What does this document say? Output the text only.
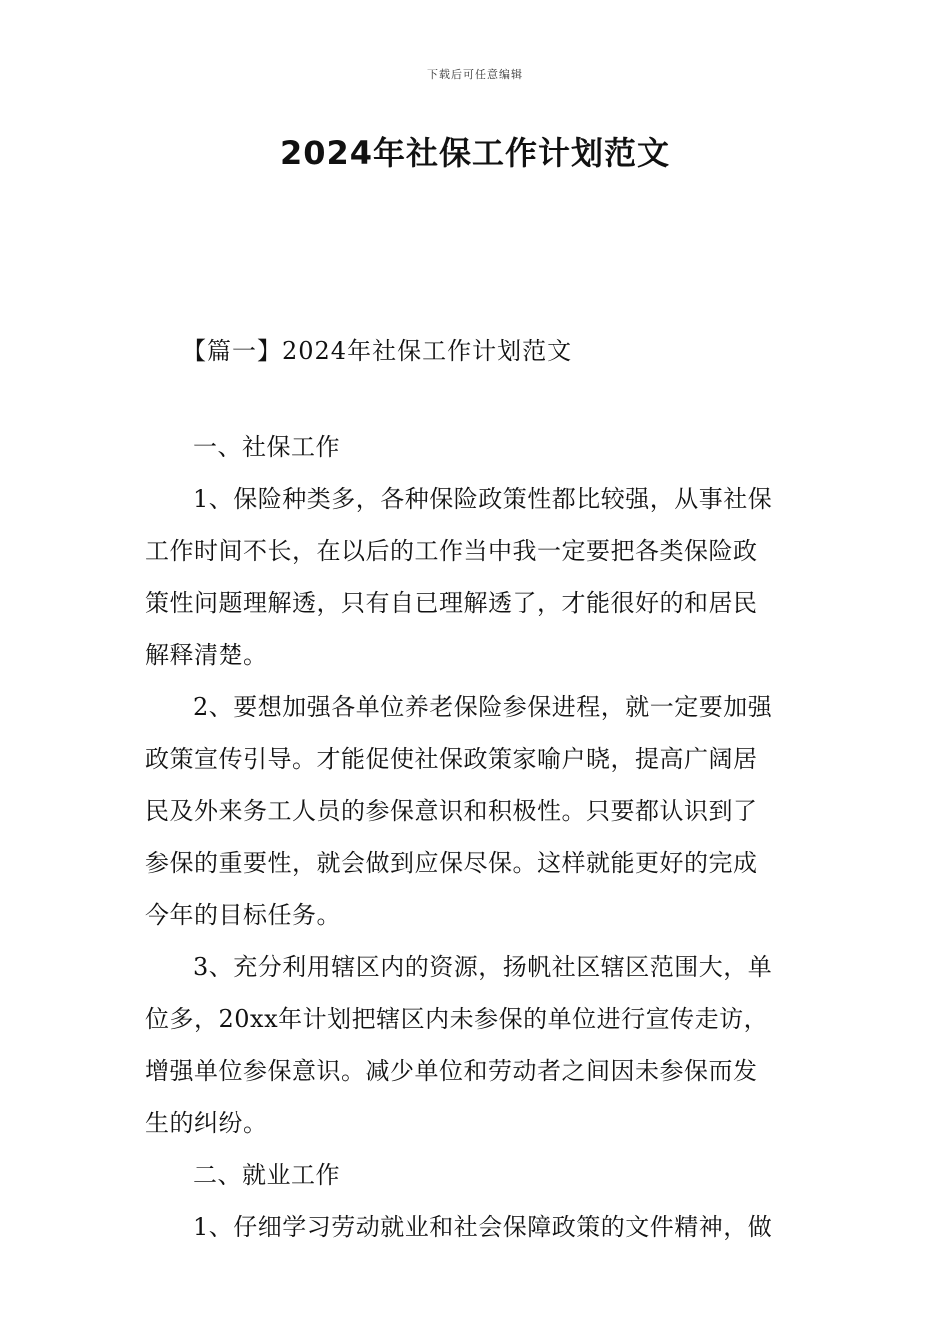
下载后可任意编辑
2024年社保工作计划范文
【篇一】2024年社保工作计划范文

一、社保工作

1、保险种类多，各种保险政策性都比较强，从事社保
工作时间不长，在以后的工作当中我一定要把各类保险政
策性问题理解透，只有自已理解透了，才能很好的和居民
解释清楚。

2、要想加强各单位养老保险参保进程，就一定要加强
政策宣传引导。才能促使社保政策家喻户晓，提高广阔居
民及外来务工人员的参保意识和积极性。只要都认识到了
参保的重要性，就会做到应保尽保。这样就能更好的完成
今年的目标任务。

3、充分利用辖区内的资源，扬帆社区辖区范围大，单
位多，20xx年计划把辖区内未参保的单位进行宣传走访，
增强单位参保意识。减少单位和劳动者之间因未参保而发
生的纠纷。

二、就业工作

1、仔细学习劳动就业和社会保障政策的文件精神，做
